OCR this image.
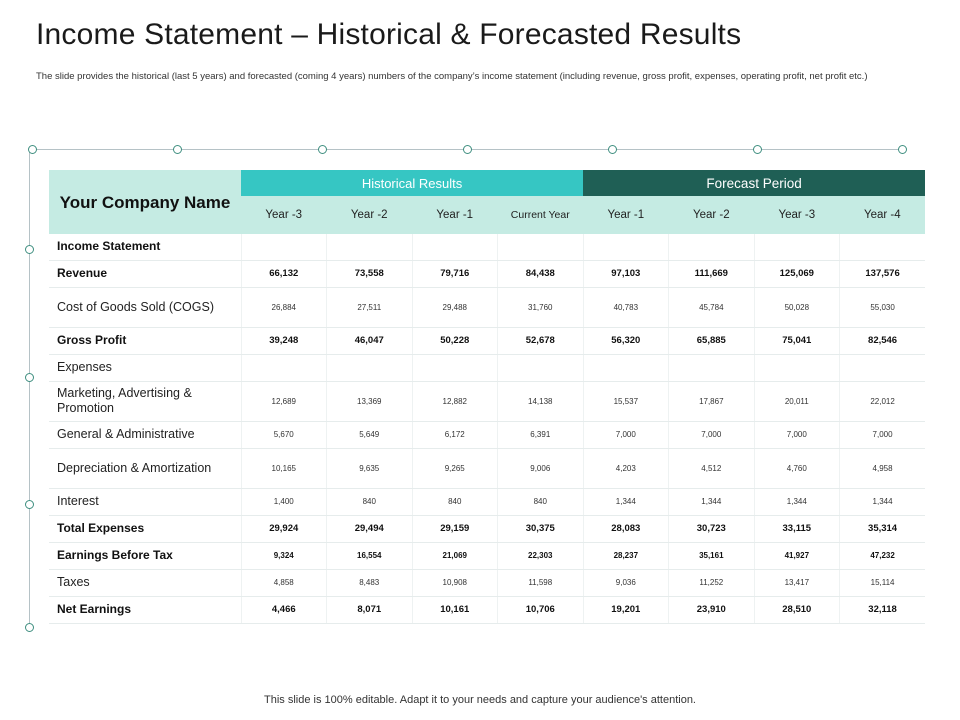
Income Statement – Historical & Forecasted Results
The slide provides the historical (last 5 years) and forecasted (coming 4 years) numbers of the company’s income statement (including revenue, gross profit, expenses, operating profit, net profit etc.)
Your Company Name	Historical Results				Forecast Period			
	Year -3	Year -2	Year -1	Current Year	Year -1	Year -2	Year -3	Year -4
Income Statement								
Revenue	66,132	73,558	79,716	84,438	97,103	111,669	125,069	137,576
Cost of Goods Sold (COGS)	26,884	27,511	29,488	31,760	40,783	45,784	50,028	55,030
Gross Profit	39,248	46,047	50,228	52,678	56,320	65,885	75,041	82,546
Expenses								
Marketing, Advertising & Promotion	12,689	13,369	12,882	14,138	15,537	17,867	20,011	22,012
General & Administrative	5,670	5,649	6,172	6,391	7,000	7,000	7,000	7,000
Depreciation & Amortization	10,165	9,635	9,265	9,006	4,203	4,512	4,760	4,958
Interest	1,400	840	840	840	1,344	1,344	1,344	1,344
Total Expenses	29,924	29,494	29,159	30,375	28,083	30,723	33,115	35,314
Earnings Before Tax	9,324	16,554	21,069	22,303	28,237	35,161	41,927	47,232
Taxes	4,858	8,483	10,908	11,598	9,036	11,252	13,417	15,114
Net Earnings	4,466	8,071	10,161	10,706	19,201	23,910	28,510	32,118
This slide is 100% editable. Adapt it to your needs and capture your audience's attention.
